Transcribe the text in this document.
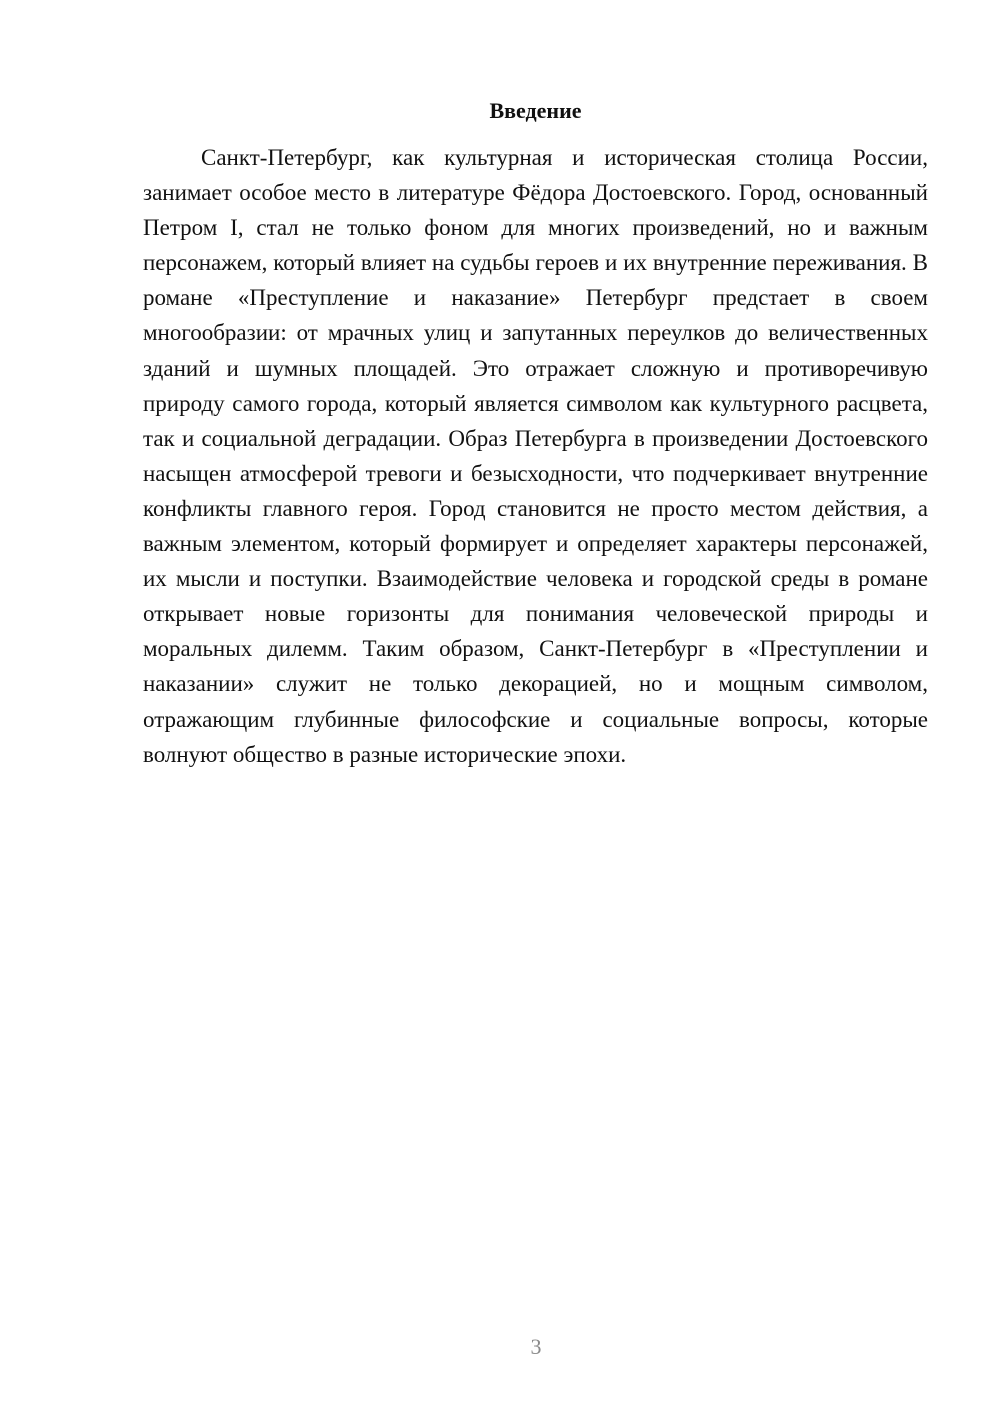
Введение

Санкт-Петербург, как культурная и историческая столица России, занимает особое место в литературе Фёдора Достоевского. Город, основанный Петром I, стал не только фоном для многих произведений, но и важным персонажем, который влияет на судьбы героев и их внутренние переживания. В романе «Преступление и наказание» Петербург предстает в своем многообразии: от мрачных улиц и запутанных переулков до величественных зданий и шумных площадей. Это отражает сложную и противоречивую природу самого города, который является символом как культурного расцвета, так и социальной деградации. Образ Петербурга в произведении Достоевского насыщен атмосферой тревоги и безысходности, что подчеркивает внутренние конфликты главного героя. Город становится не просто местом действия, а важным элементом, который формирует и определяет характеры персонажей, их мысли и поступки. Взаимодействие человека и городской среды в романе открывает новые горизонты для понимания человеческой природы и моральных дилемм. Таким образом, Санкт-Петербург в «Преступлении и наказании» служит не только декорацией, но и мощным символом, отражающим глубинные философские и социальные вопросы, которые волнуют общество в разные исторические эпохи.

3
